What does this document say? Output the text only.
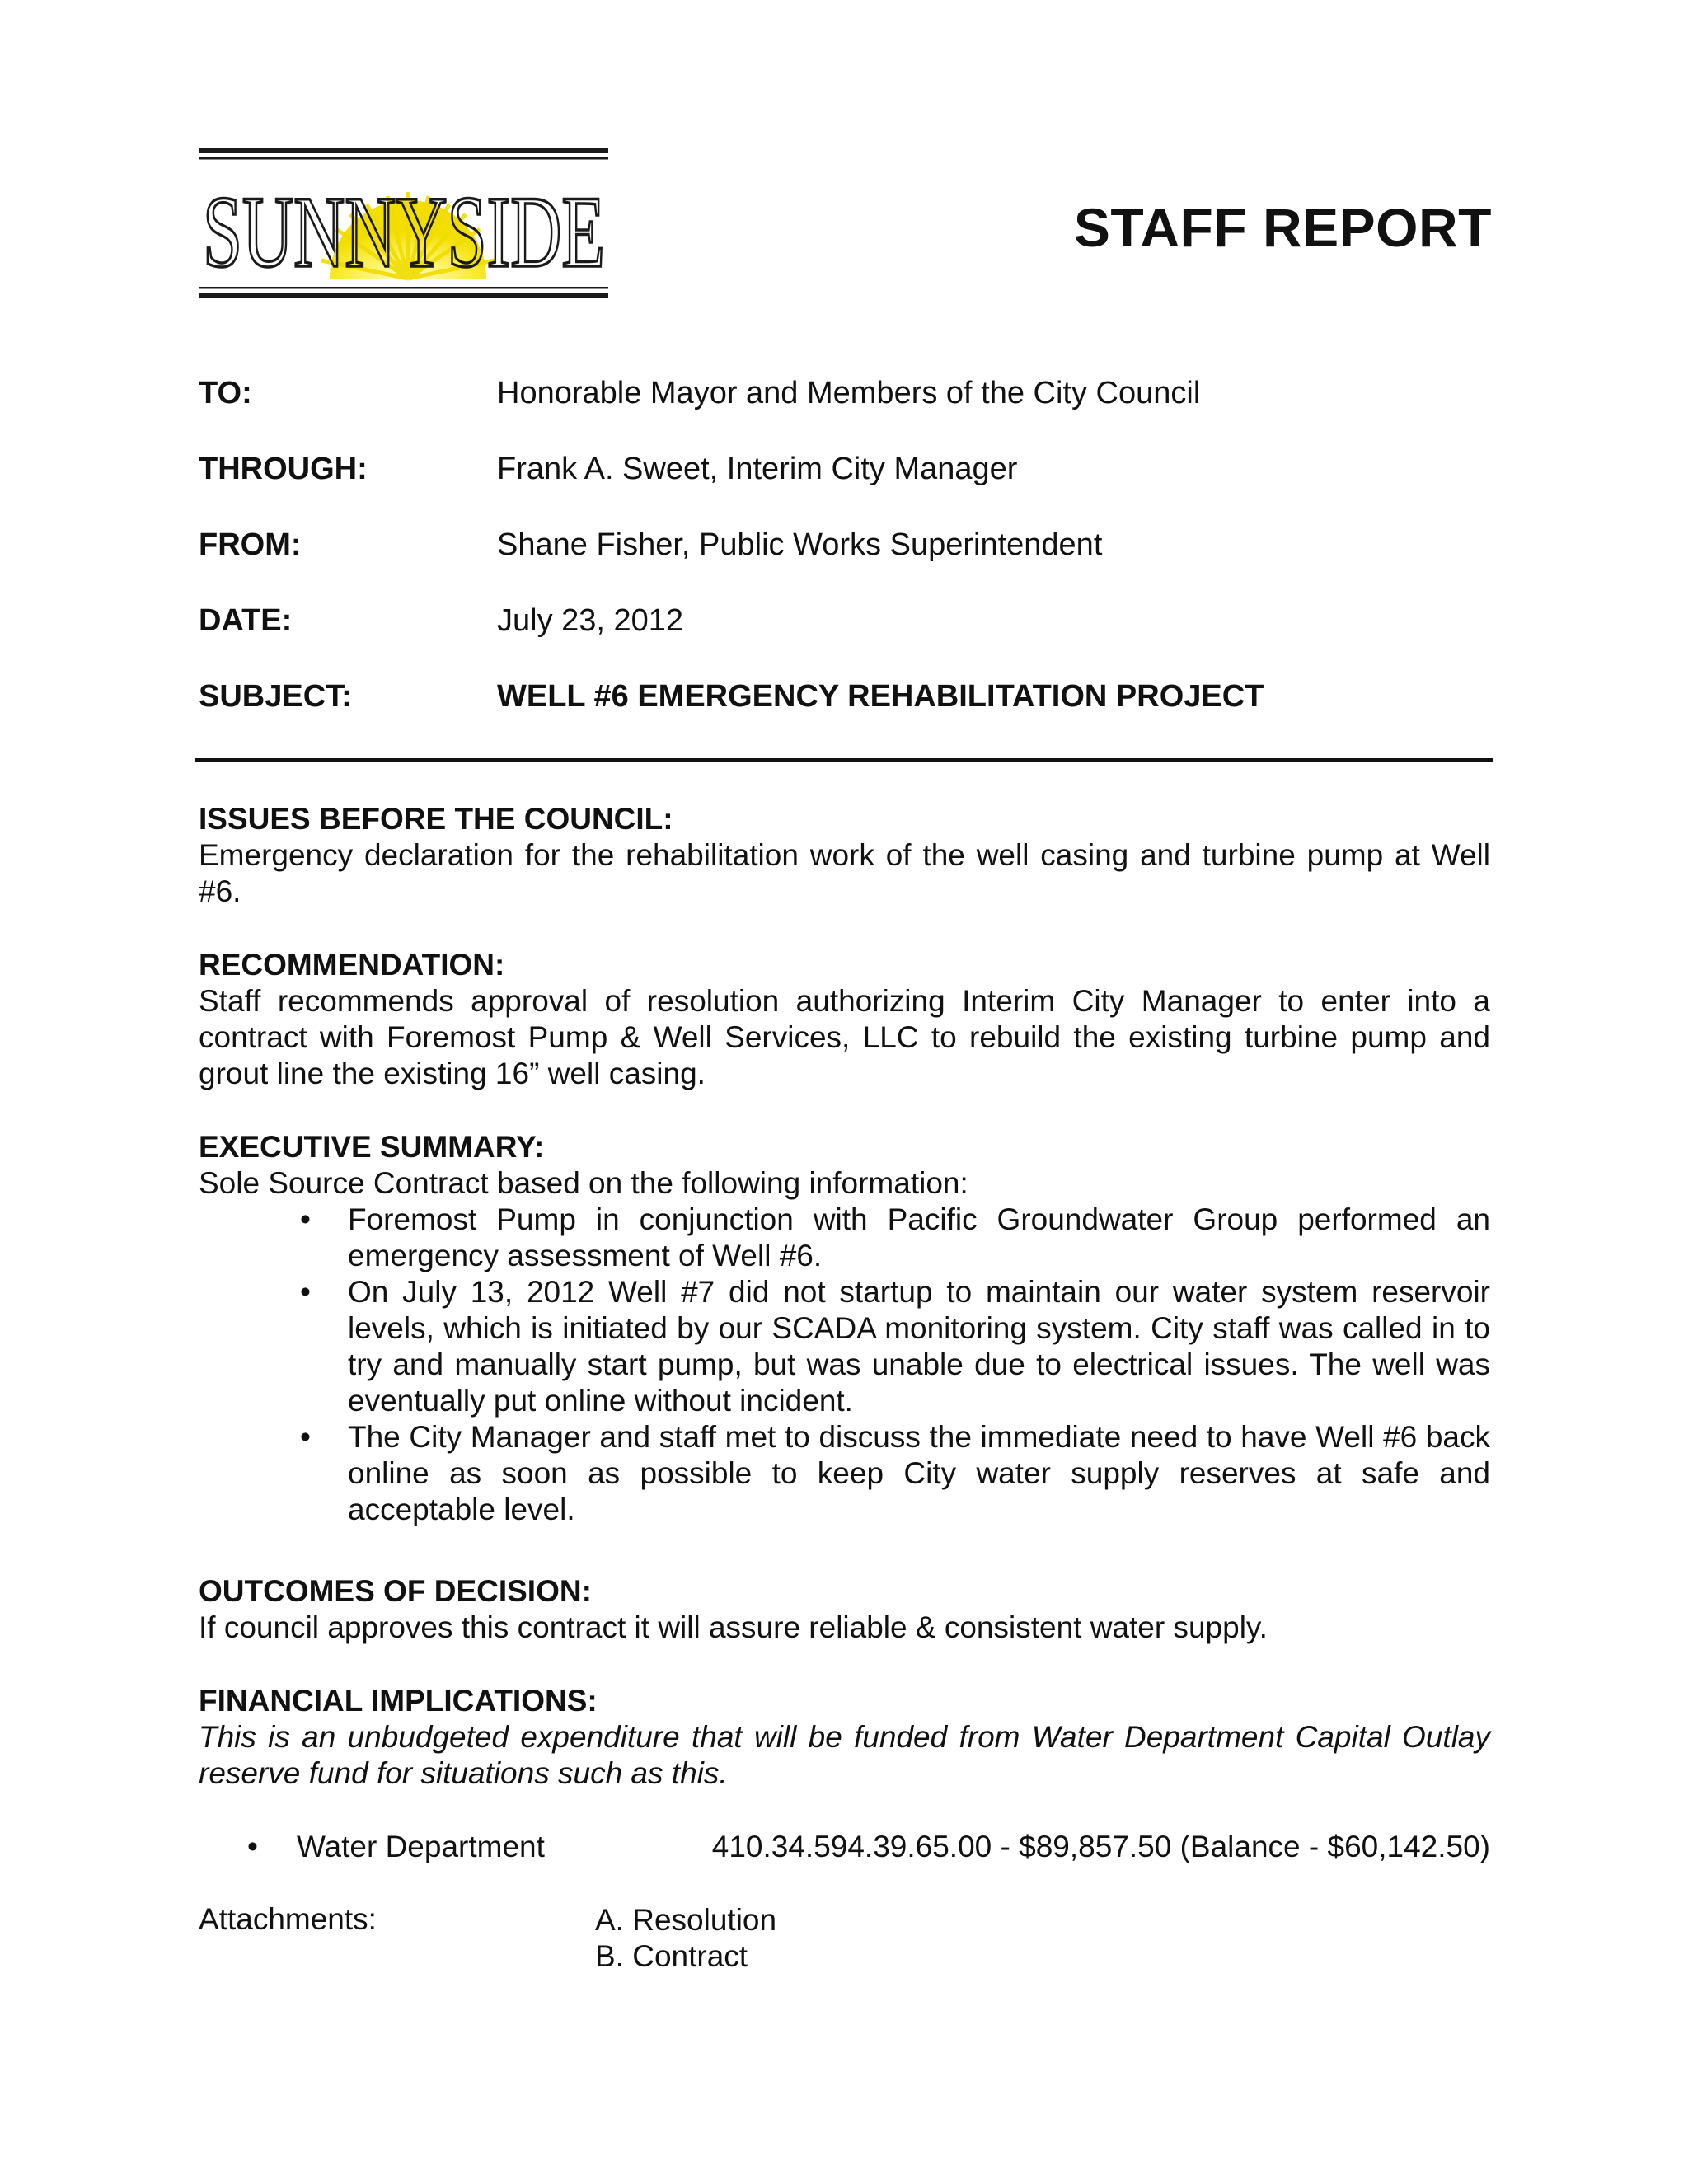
SUNNYSIDE	STAFF REPORT
TO:	Honorable Mayor and Members of the City Council
THROUGH:	Frank A. Sweet, Interim City Manager
FROM:	Shane Fisher, Public Works Superintendent
DATE:	July 23, 2012
SUBJECT:	WELL #6 EMERGENCY REHABILITATION PROJECT
ISSUES BEFORE THE COUNCIL:
Emergency declaration for the rehabilitation work of the well casing and turbine pump at Well #6.
RECOMMENDATION:
Staff recommends approval of resolution authorizing Interim City Manager to enter into a contract with Foremost Pump & Well Services, LLC to rebuild the existing turbine pump and grout line the existing 16” well casing.
EXECUTIVE SUMMARY:
Sole Source Contract based on the following information:
• Foremost Pump in conjunction with Pacific Groundwater Group performed an emergency assessment of Well #6.
• On July 13, 2012 Well #7 did not startup to maintain our water system reservoir levels, which is initiated by our SCADA monitoring system. City staff was called in to try and manually start pump, but was unable due to electrical issues. The well was eventually put online without incident.
• The City Manager and staff met to discuss the immediate need to have Well #6 back online as soon as possible to keep City water supply reserves at safe and acceptable level.
OUTCOMES OF DECISION:
If council approves this contract it will assure reliable & consistent water supply.
FINANCIAL IMPLICATIONS:
This is an unbudgeted expenditure that will be funded from Water Department Capital Outlay reserve fund for situations such as this.
• Water Department	410.34.594.39.65.00 - $89,857.50 (Balance - $60,142.50)
Attachments:	A. Resolution
B. Contract
